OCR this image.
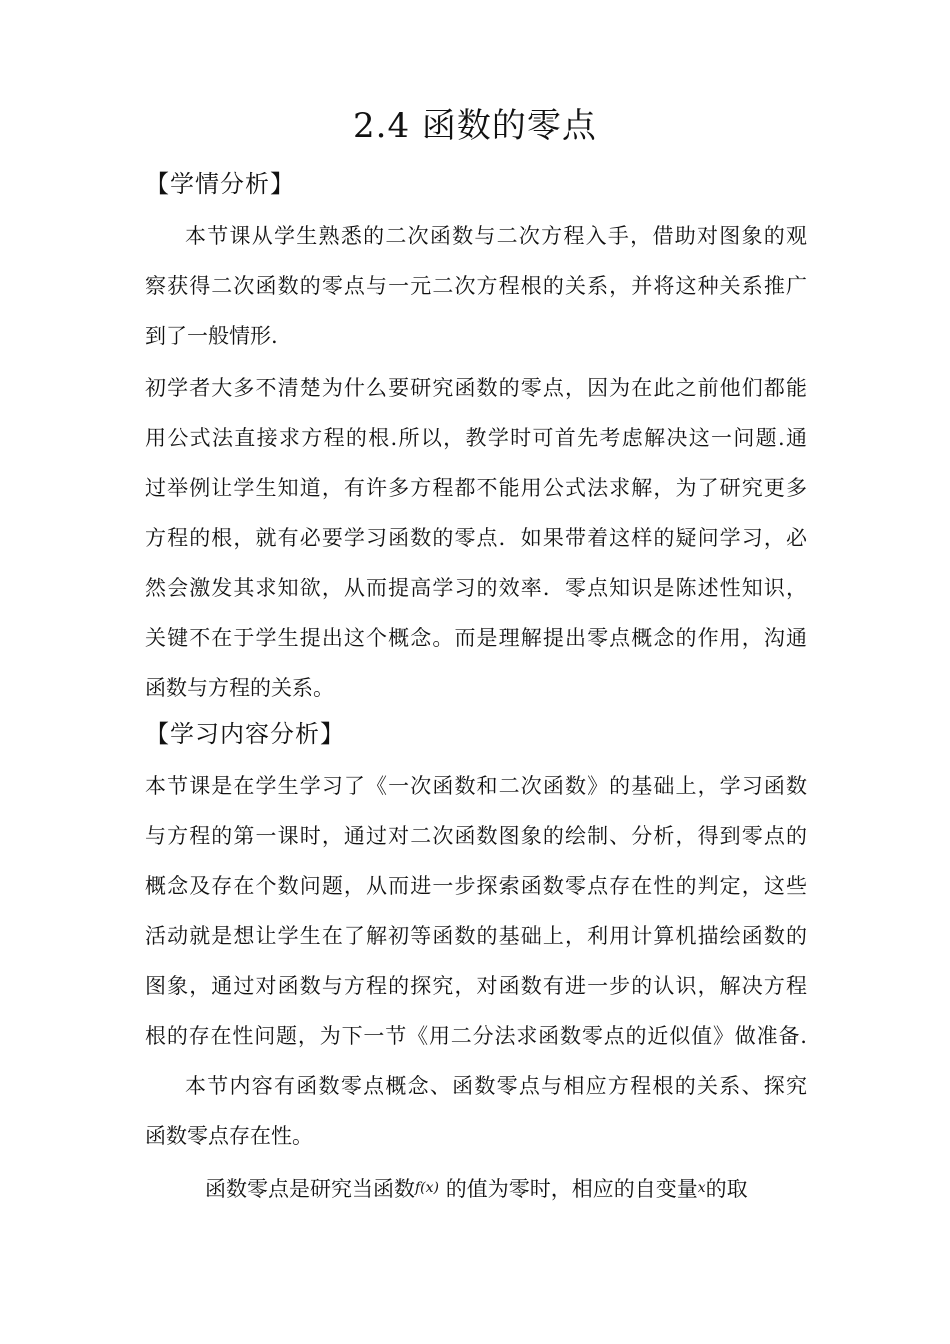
2.4 函数的零点
【学情分析】
本节课从学生熟悉的二次函数与二次方程入手，借助对图象的观
察获得二次函数的零点与一元二次方程根的关系，并将这种关系推广
到了一般情形.
初学者大多不清楚为什么要研究函数的零点，因为在此之前他们都能
用公式法直接求方程的根.所以，教学时可首先考虑解决这一问题.通
过举例让学生知道，有许多方程都不能用公式法求解，为了研究更多
方程的根，就有必要学习函数的零点．如果带着这样的疑问学习，必
然会激发其求知欲，从而提高学习的效率．零点知识是陈述性知识，
关键不在于学生提出这个概念。而是理解提出零点概念的作用，沟通
函数与方程的关系。
【学习内容分析】
本节课是在学生学习了《一次函数和二次函数》的基础上，学习函数
与方程的第一课时，通过对二次函数图象的绘制、分析，得到零点的
概念及存在个数问题，从而进一步探索函数零点存在性的判定，这些
活动就是想让学生在了解初等函数的基础上，利用计算机描绘函数的
图象，通过对函数与方程的探究，对函数有进一步的认识，解决方程
根的存在性问题，为下一节《用二分法求函数零点的近似值》做准备.
本节内容有函数零点概念、函数零点与相应方程根的关系、探究
函数零点存在性。
函数零点是研究当函数f(x) 的值为零时，相应的自变量x的取
